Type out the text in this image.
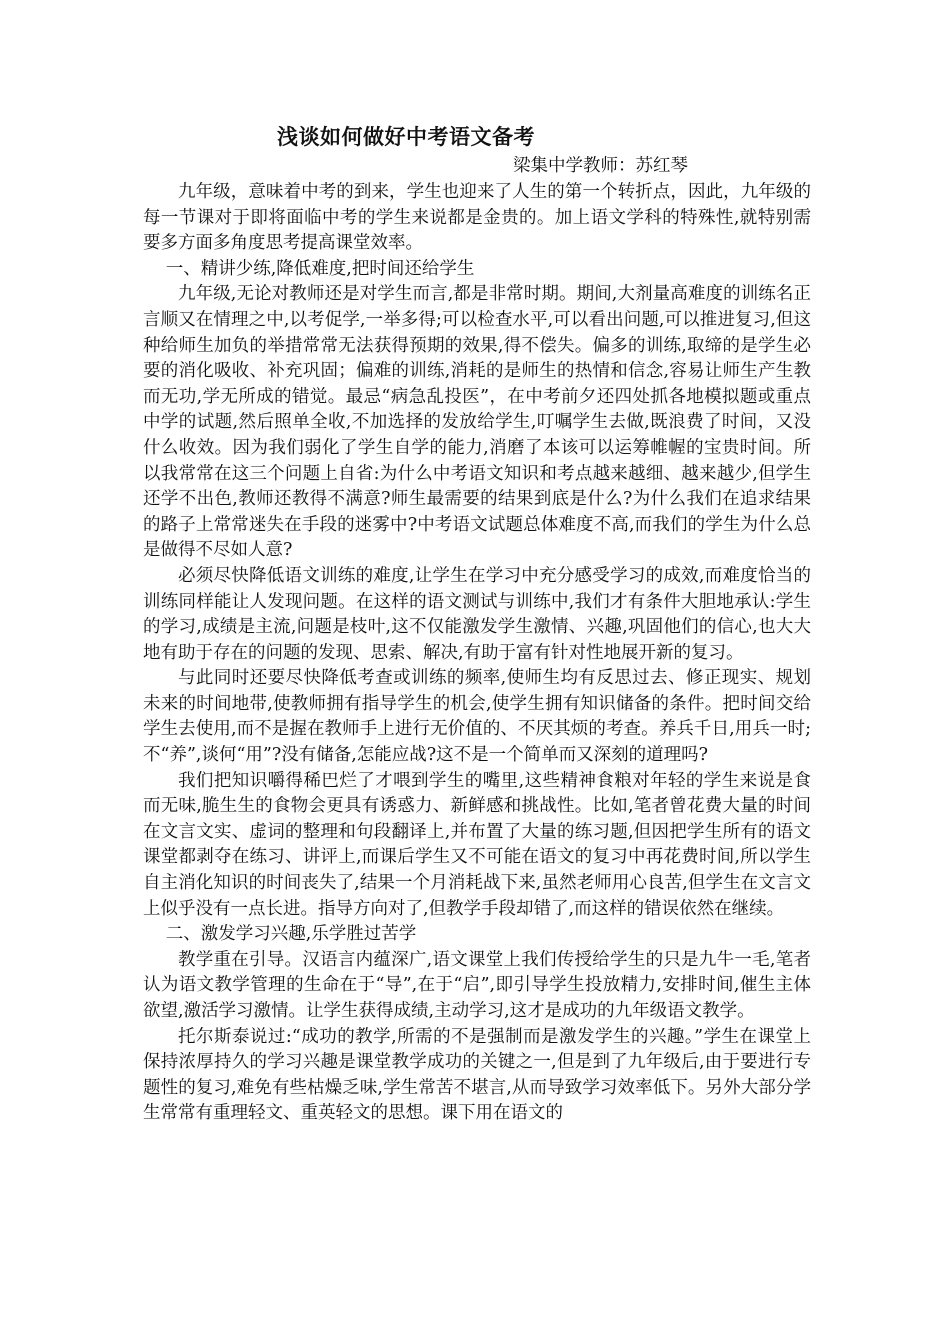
浅谈如何做好中考语文备考

梁集中学教师：苏红琴

九年级，意味着中考的到来，学生也迎来了人生的第一个转折点，因此，九年级的每一节课对于即将面临中考的学生来说都是金贵的。加上语文学科的特殊性,就特别需要多方面多角度思考提高课堂效率。

一、精讲少练,降低难度,把时间还给学生

九年级,无论对教师还是对学生而言,都是非常时期。期间,大剂量高难度的训练名正言顺又在情理之中,以考促学,一举多得;可以检查水平,可以看出问题,可以推进复习,但这种给师生加负的举措常常无法获得预期的效果,得不偿失。偏多的训练,取缔的是学生必要的消化吸收、补充巩固；偏难的训练,消耗的是师生的热情和信念,容易让师生产生教而无功,学无所成的错觉。最忌“病急乱投医”，在中考前夕还四处抓各地模拟题或重点中学的试题,然后照单全收,不加选择的发放给学生,叮嘱学生去做,既浪费了时间，又没什么收效。因为我们弱化了学生自学的能力,消磨了本该可以运筹帷幄的宝贵时间。所以我常常在这三个问题上自省:为什么中考语文知识和考点越来越细、越来越少,但学生还学不出色,教师还教得不满意?师生最需要的结果到底是什么?为什么我们在追求结果的路子上常常迷失在手段的迷雾中?中考语文试题总体难度不高,而我们的学生为什么总是做得不尽如人意?

必须尽快降低语文训练的难度,让学生在学习中充分感受学习的成效,而难度恰当的训练同样能让人发现问题。在这样的语文测试与训练中,我们才有条件大胆地承认:学生的学习,成绩是主流,问题是枝叶,这不仅能激发学生激情、兴趣,巩固他们的信心,也大大地有助于存在的问题的发现、思索、解决,有助于富有针对性地展开新的复习。

与此同时还要尽快降低考查或训练的频率,使师生均有反思过去、修正现实、规划未来的时间地带,使教师拥有指导学生的机会,使学生拥有知识储备的条件。把时间交给学生去使用,而不是握在教师手上进行无价值的、不厌其烦的考查。养兵千日,用兵一时;不“养”,谈何“用”?没有储备,怎能应战?这不是一个简单而又深刻的道理吗?

我们把知识嚼得稀巴烂了才喂到学生的嘴里,这些精神食粮对年轻的学生来说是食而无味,脆生生的食物会更具有诱惑力、新鲜感和挑战性。比如,笔者曾花费大量的时间在文言文实、虚词的整理和句段翻译上,并布置了大量的练习题,但因把学生所有的语文课堂都剥夺在练习、讲评上,而课后学生又不可能在语文的复习中再花费时间,所以学生自主消化知识的时间丧失了,结果一个月消耗战下来,虽然老师用心良苦,但学生在文言文上似乎没有一点长进。指导方向对了,但教学手段却错了,而这样的错误依然在继续。

二、激发学习兴趣,乐学胜过苦学

教学重在引导。汉语言内蕴深广,语文课堂上我们传授给学生的只是九牛一毛,笔者认为语文教学管理的生命在于“导”,在于“启”,即引导学生投放精力,安排时间,催生主体欲望,激活学习激情。让学生获得成绩,主动学习,这才是成功的九年级语文教学。

托尔斯泰说过:“成功的教学,所需的不是强制而是激发学生的兴趣。”学生在课堂上保持浓厚持久的学习兴趣是课堂教学成功的关键之一,但是到了九年级后,由于要进行专题性的复习,难免有些枯燥乏味,学生常苦不堪言,从而导致学习效率低下。另外大部分学生常常有重理轻文、重英轻文的思想。课下用在语文的
